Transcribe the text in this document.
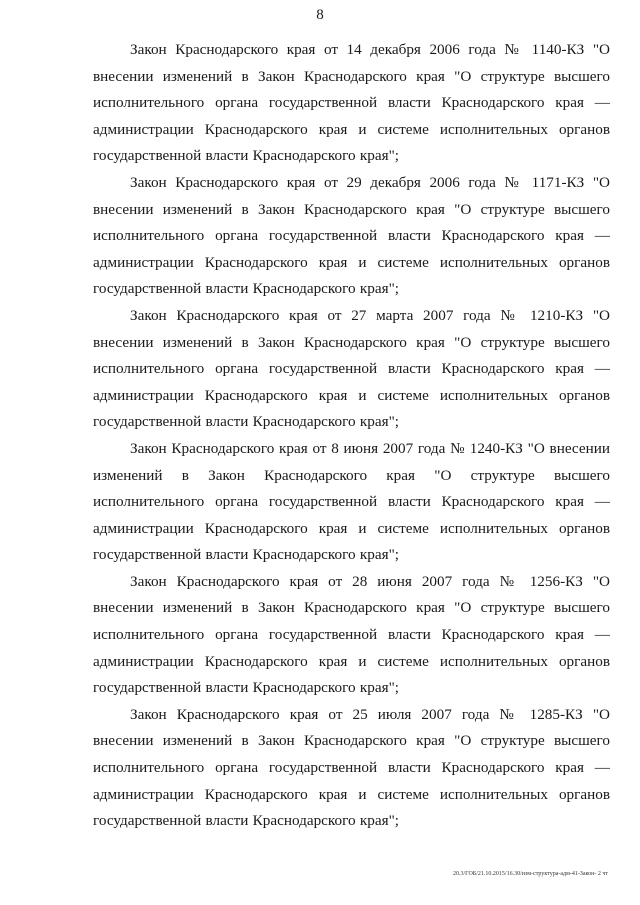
8

Закон Краснодарского края от 14 декабря 2006 года № 1140-КЗ "О внесении изменений в Закон Краснодарского края "О структуре высшего исполнительного органа государственной власти Краснодарского края — администрации Краснодарского края и системе исполнительных органов государственной власти Краснодарского края";

Закон Краснодарского края от 29 декабря 2006 года № 1171-КЗ "О внесении изменений в Закон Краснодарского края "О структуре высшего исполнительного органа государственной власти Краснодарского края — администрации Краснодарского края и системе исполнительных органов государственной власти Краснодарского края";

Закон Краснодарского края от 27 марта 2007 года № 1210-КЗ "О внесении изменений в Закон Краснодарского края "О структуре высшего исполнительного органа государственной власти Краснодарского края — администрации Краснодарского края и системе исполнительных органов государственной власти Краснодарского края";

Закон Краснодарского края от 8 июня 2007 года № 1240-КЗ "О внесении изменений в Закон Краснодарского края "О структуре высшего исполнительного органа государственной власти Краснодарского края — администрации Краснодарского края и системе исполнительных органов государственной власти Краснодарского края";

Закон Краснодарского края от 28 июня 2007 года № 1256-КЗ "О внесении изменений в Закон Краснодарского края "О структуре высшего исполнительного органа государственной власти Краснодарского края — администрации Краснодарского края и системе исполнительных органов государственной власти Краснодарского края";

Закон Краснодарского края от 25 июля 2007 года № 1285-КЗ "О внесении изменений в Закон Краснодарского края "О структуре высшего исполнительного органа государственной власти Краснодарского края — администрации Краснодарского края и системе исполнительных органов государственной власти Краснодарского края";

20.3/ГОБ/21.10.2015/16.30/изм-структура-адм-41-Закон- 2 чт
